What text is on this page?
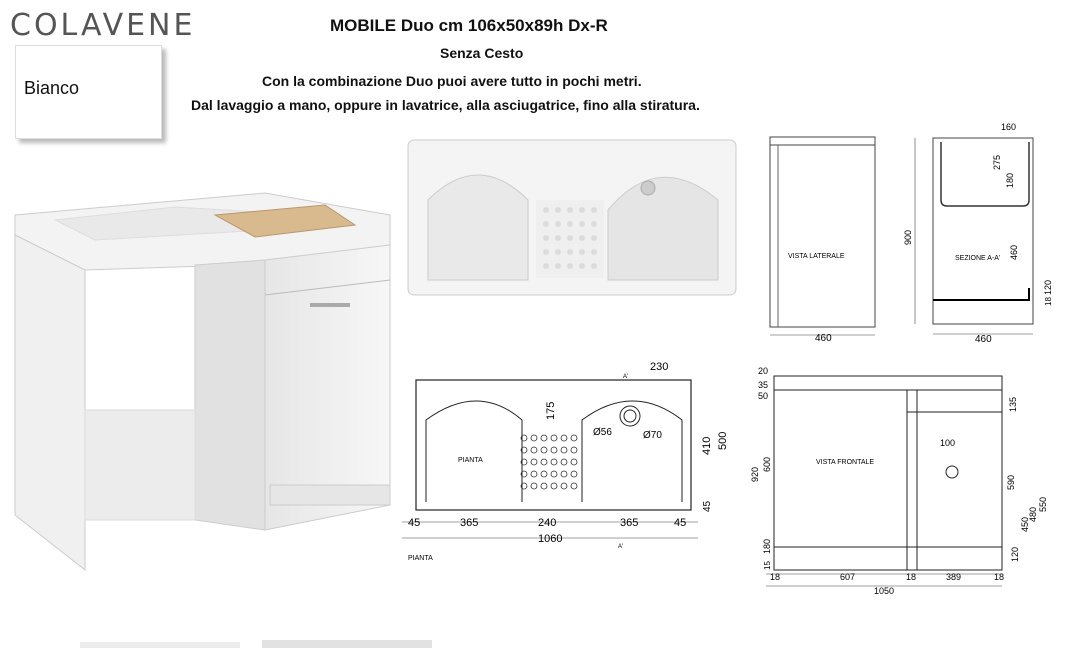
COLAVENE	MOBILE Duo cm 106x50x89h Dx-R
Senza Cesto
Con la combinazione Duo puoi avere tutto in pochi metri.
Dal lavaggio a mano, oppure in lavatrice, alla asciugatrice, fino alla stiratura.
Bianco
VISTA LATERALE
460
900
SEZIONE A-A'
160
275
180
460
120
18
460
PIANTA
230
A'
175
Ø56	Ø70
410 500
45
45	365	240	365	45
1060
A'
PIANTA
VISTA FRONTALE
20
35
50
920
600
180
15
135
100
590
450
480
550
120
18	607	18	389	18
1050
